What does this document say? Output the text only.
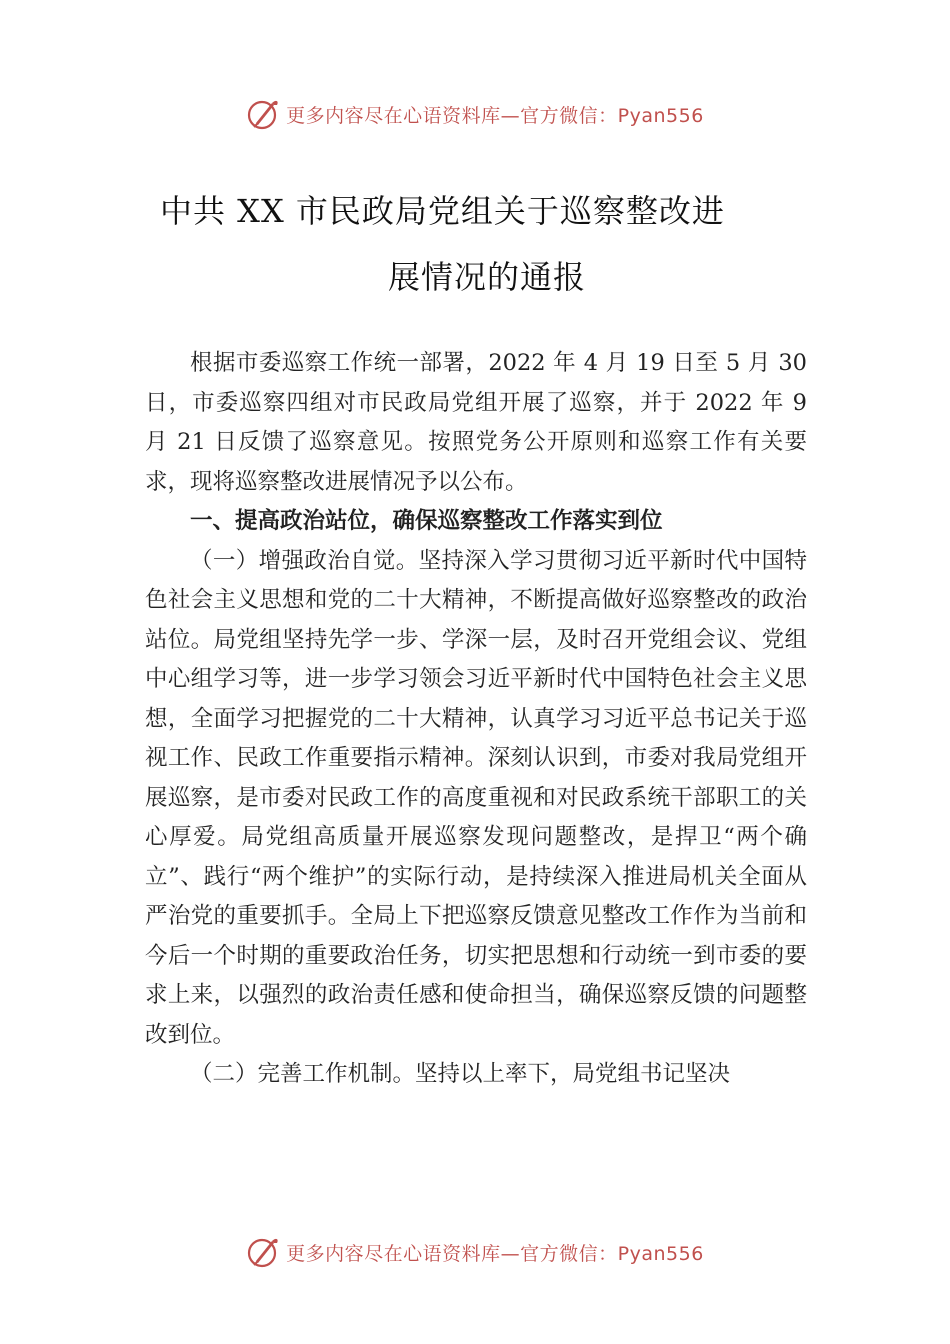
更多内容尽在心语资料库—官方微信：Pyan556
中共 XX 市民政局党组关于巡察整改进
展情况的通报

根据市委巡察工作统一部署，2022 年 4 月 19 日至 5 月 30 日，市委巡察四组对市民政局党组开展了巡察，并于 2022 年 9 月 21 日反馈了巡察意见。按照党务公开原则和巡察工作有关要求，现将巡察整改进展情况予以公布。

一、提高政治站位，确保巡察整改工作落实到位

（一）增强政治自觉。坚持深入学习贯彻习近平新时代中国特色社会主义思想和党的二十大精神，不断提高做好巡察整改的政治站位。局党组坚持先学一步、学深一层，及时召开党组会议、党组中心组学习等，进一步学习领会习近平新时代中国特色社会主义思想，全面学习把握党的二十大精神，认真学习习近平总书记关于巡视工作、民政工作重要指示精神。深刻认识到，市委对我局党组开展巡察，是市委对民政工作的高度重视和对民政系统干部职工的关心厚爱。局党组高质量开展巡察发现问题整改，是捍卫“两个确立”、践行“两个维护”的实际行动，是持续深入推进局机关全面从严治党的重要抓手。全局上下把巡察反馈意见整改工作作为当前和今后一个时期的重要政治任务，切实把思想和行动统一到市委的要求上来，以强烈的政治责任感和使命担当，确保巡察反馈的问题整改到位。

（二）完善工作机制。坚持以上率下，局党组书记坚决

更多内容尽在心语资料库—官方微信：Pyan556
